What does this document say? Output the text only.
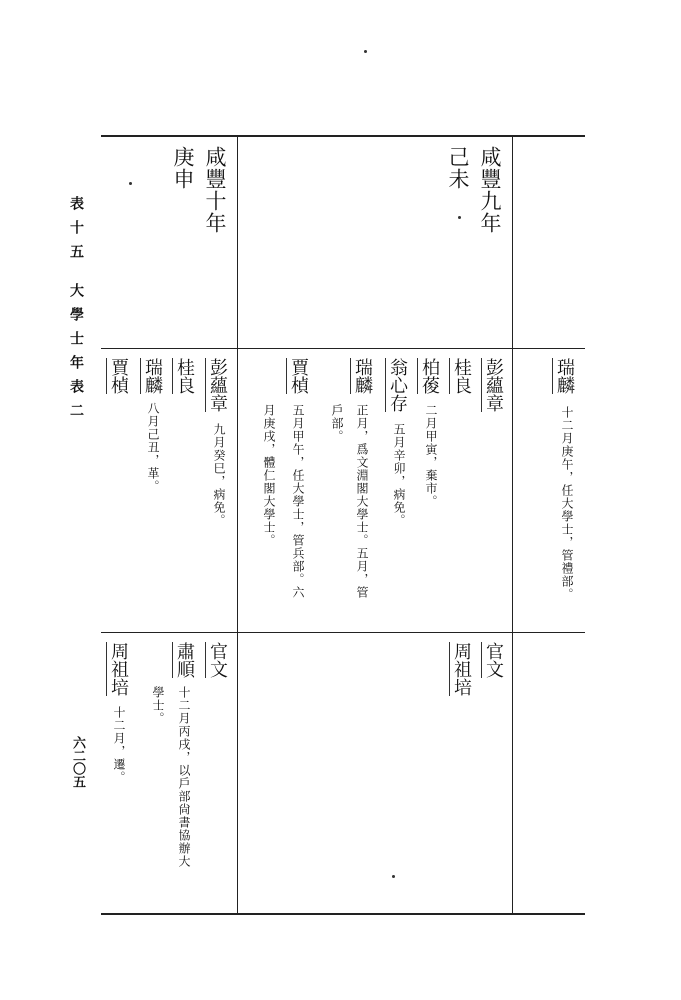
表十五
大學士年表二
六二〇五
咸豐九年
己未
咸豐十年
庚申
瑞麟
十二月庚午，任大學士，管禮部。
彭蘊章
桂良
柏葰
二月甲寅，棄市。
翁心存
五月辛卯，病免。
瑞麟
正月，爲文淵閣大學士。五月，管
戶部。
賈楨
五月甲午，任大學士，管兵部。六
月庚戌，體仁閣大學士。
彭蘊章
九月癸巳，病免。
桂良
瑞麟
八月己丑，革。
賈楨
官文
周祖培
官文
肅順
十二月丙戌，以戶部尙書協辦大
學士。
周祖培
十二月，遷。
